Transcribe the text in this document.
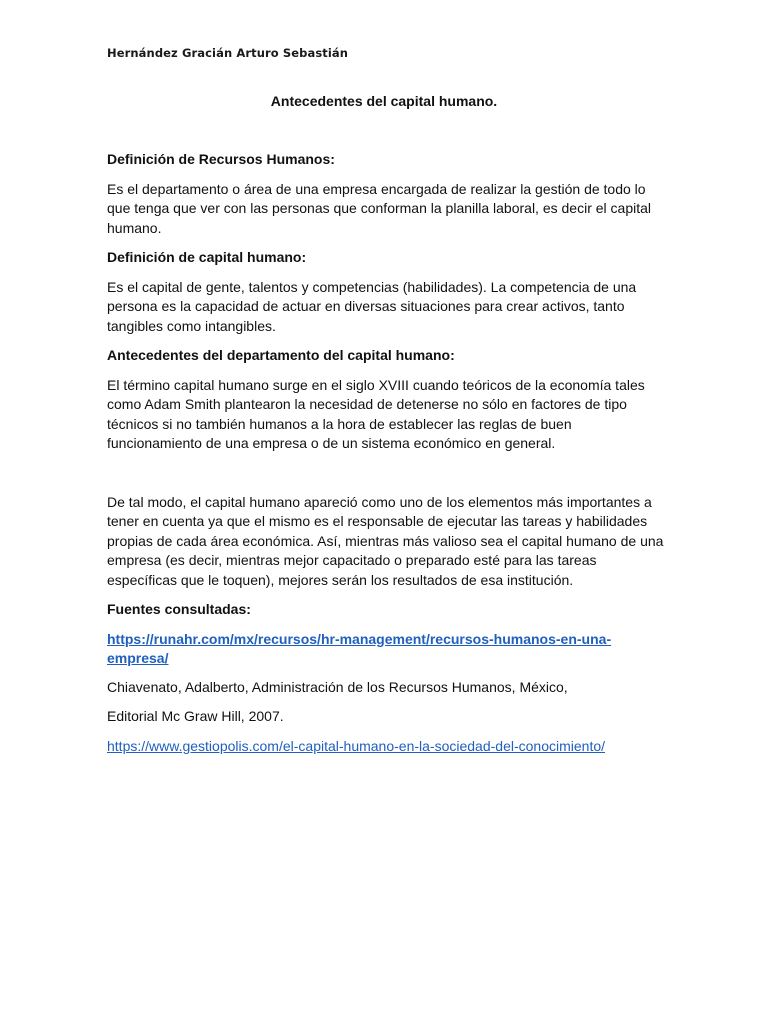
Hernández Gracián Arturo Sebastián
Antecedentes del capital humano.
Definición de Recursos Humanos:

Es el departamento o área de una empresa encargada de realizar la gestión de todo lo que tenga que ver con las personas que conforman la planilla laboral, es decir el capital humano.

Definición de capital humano:

Es el capital de gente, talentos y competencias (habilidades). La competencia de una persona es la capacidad de actuar en diversas situaciones para crear activos, tanto tangibles como intangibles.

Antecedentes del departamento del capital humano:

El término capital humano surge en el siglo XVIII cuando teóricos de la economía tales como Adam Smith plantearon la necesidad de detenerse no sólo en factores de tipo técnicos si no también humanos a la hora de establecer las reglas de buen funcionamiento de una empresa o de un sistema económico en general.

De tal modo, el capital humano apareció como uno de los elementos más importantes a tener en cuenta ya que el mismo es el responsable de ejecutar las tareas y habilidades propias de cada área económica. Así, mientras más valioso sea el capital humano de una empresa (es decir, mientras mejor capacitado o preparado esté para las tareas específicas que le toquen), mejores serán los resultados de esa institución.

Fuentes consultadas:

https://runahr.com/mx/recursos/hr-management/recursos-humanos-en-una-empresa/

Chiavenato, Adalberto, Administración de los Recursos Humanos, México,

Editorial Mc Graw Hill, 2007.

https://www.gestiopolis.com/el-capital-humano-en-la-sociedad-del-conocimiento/
